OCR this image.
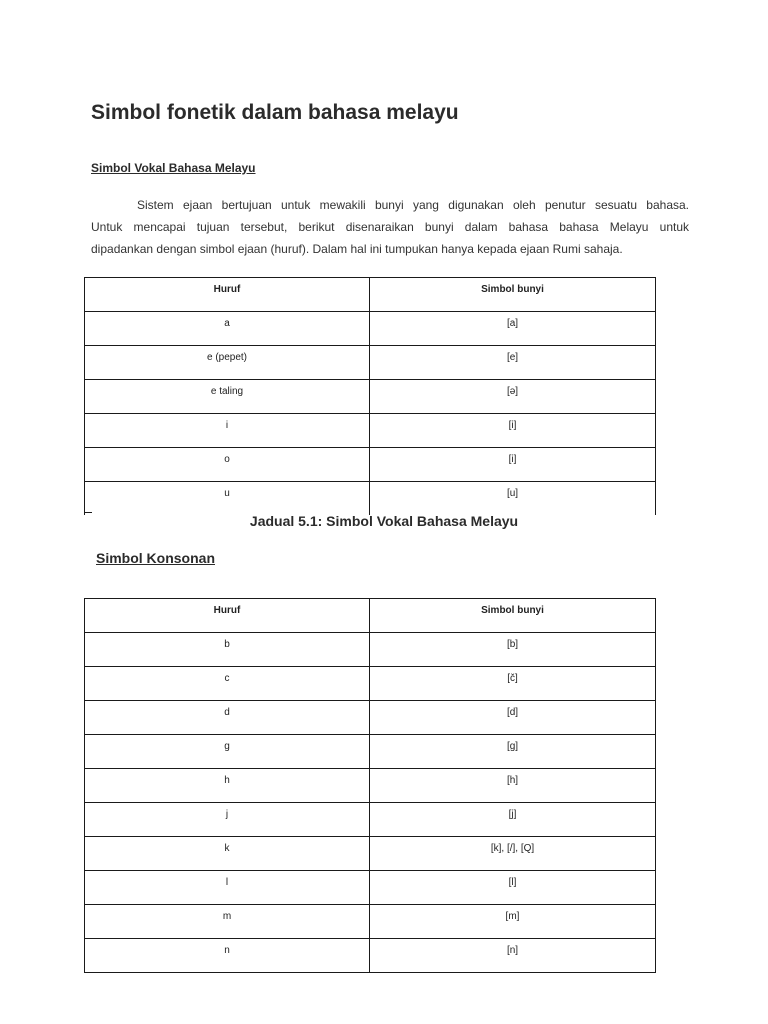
Simbol fonetik dalam bahasa melayu
Simbol Vokal Bahasa Melayu
Sistem ejaan bertujuan untuk mewakili bunyi yang digunakan oleh penutur sesuatu bahasa.
Untuk mencapai tujuan tersebut, berikut disenaraikan bunyi dalam bahasa bahasa Melayu untuk
dipadankan dengan simbol ejaan (huruf). Dalam hal ini tumpukan hanya kepada ejaan Rumi sahaja.
Huruf	Simbol bunyi
a	[a]
e (pepet)	[e]
e taling	[ə]
i	[i]
o	[i]
u	[u]
Jadual 5.1: Simbol Vokal Bahasa Melayu
Simbol Konsonan
Huruf	Simbol bunyi
b	[b]
c	[č]
d	[d]
g	[g]
h	[h]
j	[j]
k	[k], [/], [Q]
l	[l]
m	[m]
n	[n]
